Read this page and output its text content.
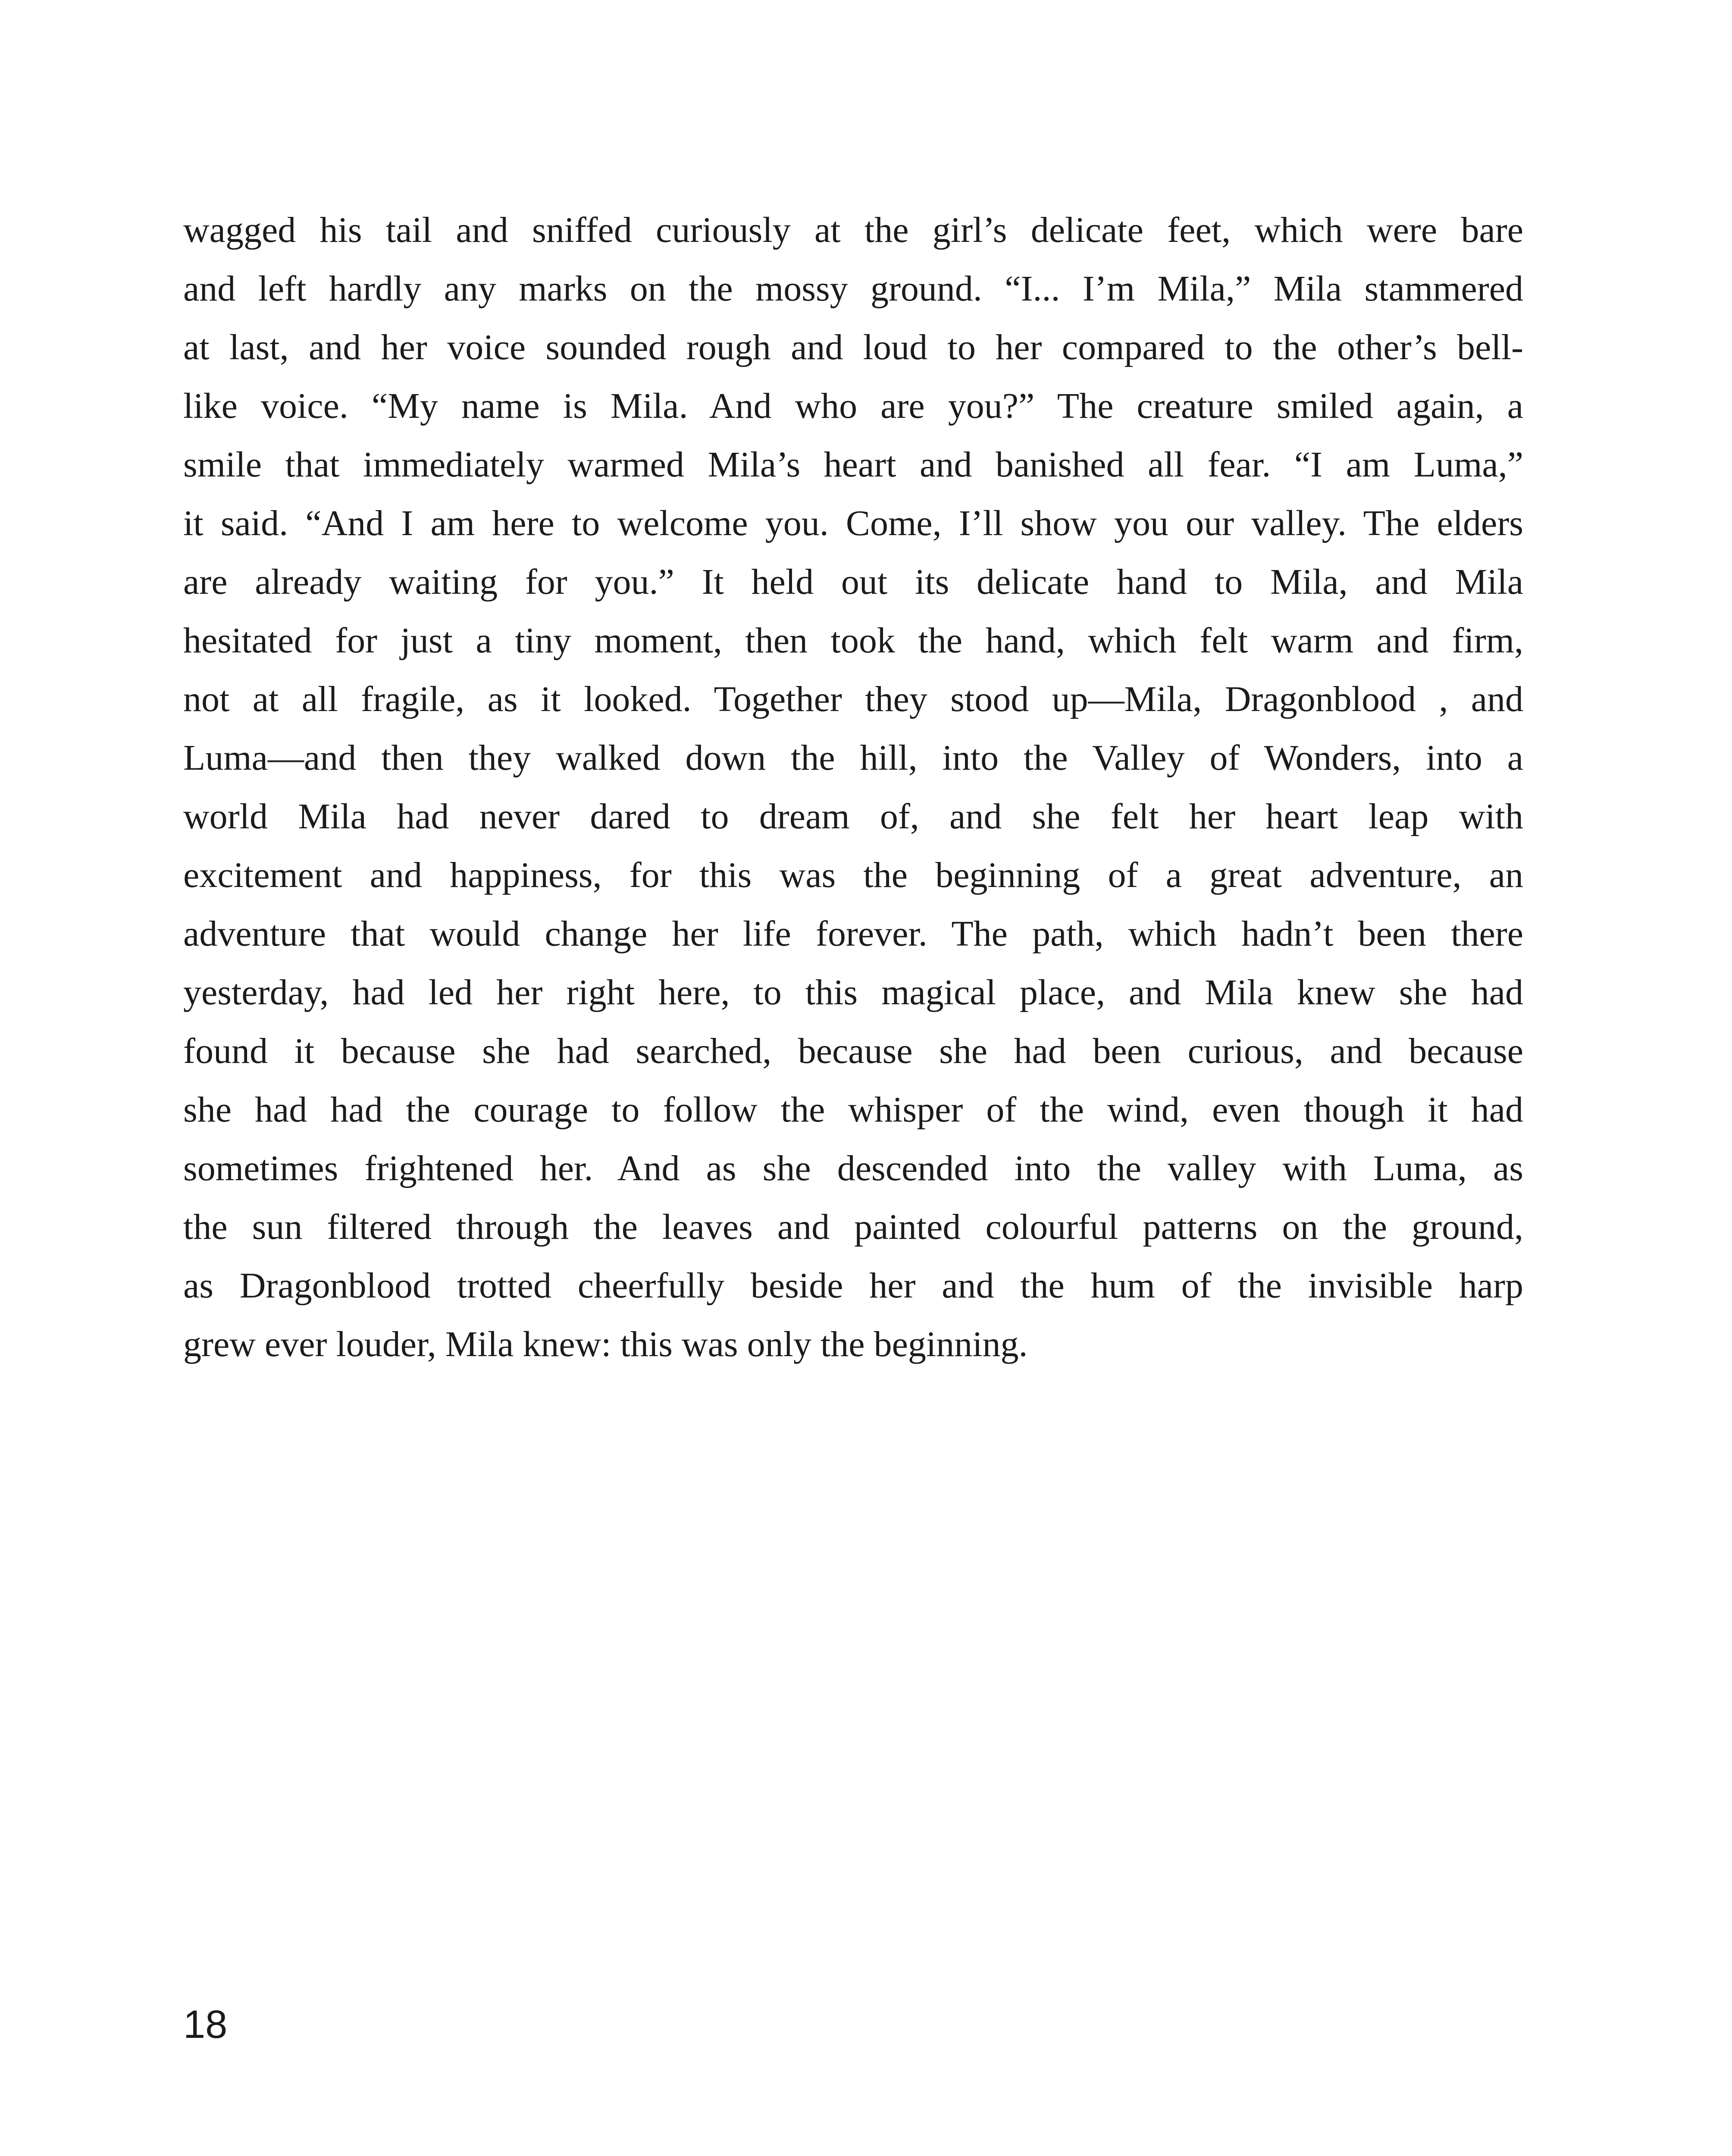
wagged his tail and sniffed curiously at the girl’s delicate feet, which were bare
and left hardly any marks on the mossy ground. “I... I’m Mila,” Mila stammered
at last, and her voice sounded rough and loud to her compared to the other’s bell-
like voice. “My name is Mila. And who are you?” The creature smiled again, a
smile that immediately warmed Mila’s heart and banished all fear. “I am Luma,”
it said. “And I am here to welcome you. Come, I’ll show you our valley. The elders
are already waiting for you.” It held out its delicate hand to Mila, and Mila
hesitated for just a tiny moment, then took the hand, which felt warm and firm,
not at all fragile, as it looked. Together they stood up—Mila, Dragonblood , and
Luma—and then they walked down the hill, into the Valley of Wonders, into a
world Mila had never dared to dream of, and she felt her heart leap with
excitement and happiness, for this was the beginning of a great adventure, an
adventure that would change her life forever. The path, which hadn’t been there
yesterday, had led her right here, to this magical place, and Mila knew she had
found it because she had searched, because she had been curious, and because
she had had the courage to follow the whisper of the wind, even though it had
sometimes frightened her. And as she descended into the valley with Luma, as
the sun filtered through the leaves and painted colourful patterns on the ground,
as Dragonblood trotted cheerfully beside her and the hum of the invisible harp
grew ever louder, Mila knew: this was only the beginning.

18
